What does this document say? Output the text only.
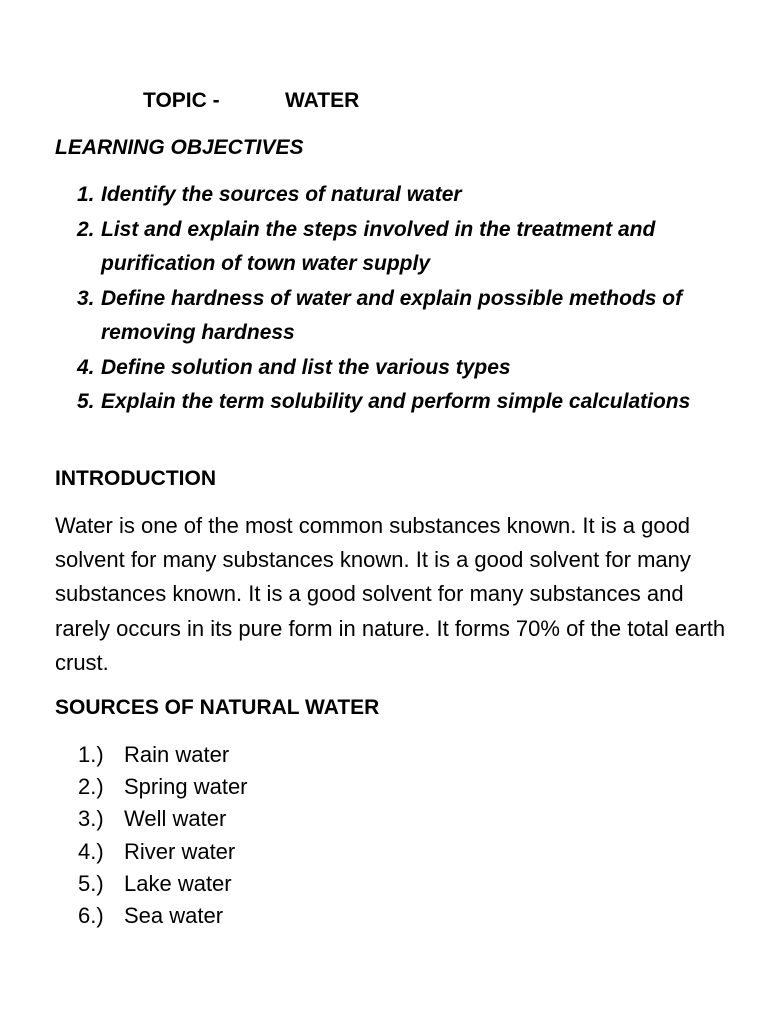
TOPIC -	WATER
LEARNING OBJECTIVES
1. Identify the sources of natural water
2. List and explain the steps involved in the treatment and purification of town water supply
3. Define hardness of water and explain possible methods of removing hardness
4. Define solution and list the various types
5. Explain the term solubility and perform simple calculations
INTRODUCTION

Water is one of the most common substances known. It is a good solvent for many substances known. It is a good solvent for many substances known. It is a good solvent for many substances and rarely occurs in its pure form in nature. It forms 70% of the total earth crust.

SOURCES OF NATURAL WATER
1.) Rain water
2.) Spring water
3.) Well water
4.) River water
5.) Lake water
6.) Sea water
